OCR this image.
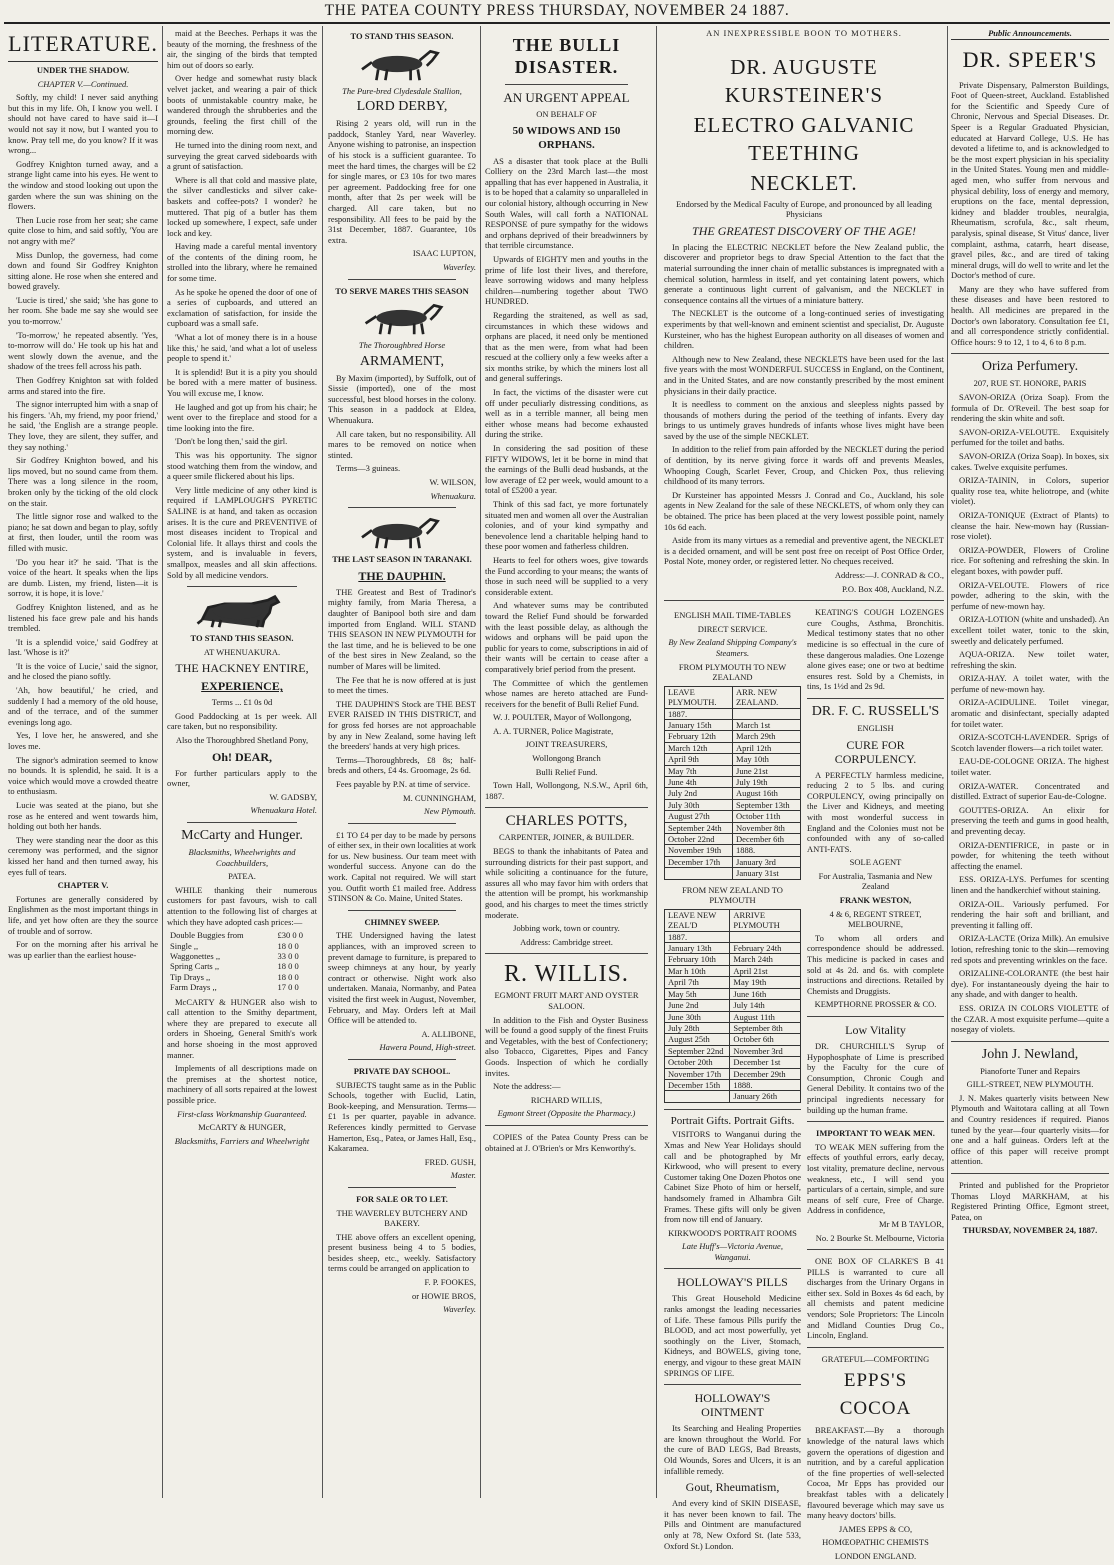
THE PATEA COUNTY PRESS THURSDAY, NOVEMBER 24 1887.
LITERATURE.

UNDER THE SHADOW.

CHAPTER V.—Continued.

Softly, my child! I never said anything but this in my life. Oh, I know you well. I should not have cared to have said it—I would not say it now, but I wanted you to know. Pray tell me, do you know? If it was wrong...

Godfrey Knighton turned away, and a strange light came into his eyes. He went to the window and stood looking out upon the garden where the sun was shining on the flowers.

Then Lucie rose from her seat; she came quite close to him, and said softly, 'You are not angry with me?'

Miss Dunlop, the governess, had come down and found Sir Godfrey Knighton sitting alone. He rose when she entered and bowed gravely.

'Lucie is tired,' she said; 'she has gone to her room. She bade me say she would see you to-morrow.'

'To-morrow,' he repeated absently. 'Yes, to-morrow will do.' He took up his hat and went slowly down the avenue, and the shadow of the trees fell across his path.

Then Godfrey Knighton sat with folded arms and stared into the fire.

The signor interrupted him with a snap of his fingers. 'Ah, my friend, my poor friend,' he said, 'the English are a strange people. They love, they are silent, they suffer, and they say nothing.'

Sir Godfrey Knighton bowed, and his lips moved, but no sound came from them. There was a long silence in the room, broken only by the ticking of the old clock on the stair.

The little signor rose and walked to the piano; he sat down and began to play, softly at first, then louder, until the room was filled with music.

'Do you hear it?' he said. 'That is the voice of the heart. It speaks when the lips are dumb. Listen, my friend, listen—it is sorrow, it is hope, it is love.'

Godfrey Knighton listened, and as he listened his face grew pale and his hands trembled.

'It is a splendid voice,' said Godfrey at last. 'Whose is it?'

'It is the voice of Lucie,' said the signor, and he closed the piano softly.

'Ah, how beautiful,' he cried, and suddenly I had a memory of the old house, and of the terrace, and of the summer evenings long ago.

Yes, I love her, he answered, and she loves me.

The signor's admiration seemed to know no bounds. It is splendid, he said. It is a voice which would move a crowded theatre to enthusiasm.

Lucie was seated at the piano, but she rose as he entered and went towards him, holding out both her hands.

They were standing near the door as this ceremony was performed, and the signor kissed her hand and then turned away, his eyes full of tears.

CHAPTER V.

Fortunes are generally considered by Englishmen as the most important things in life, and yet how often are they the source of trouble and of sorrow.

For on the morning after his arrival he was up earlier than the earliest house-

maid at the Beeches. Perhaps it was the beauty of the morning, the freshness of the air, the singing of the birds that tempted him out of doors so early.

Over hedge and somewhat rusty black velvet jacket, and wearing a pair of thick boots of unmistakable country make, he wandered through the shrubberies and the grounds, feeling the first chill of the morning dew.

He turned into the dining room next, and surveying the great carved sideboards with a grunt of satisfaction.

Where is all that cold and massive plate, the silver candlesticks and silver cake-baskets and coffee-pots? I wonder? he muttered. That pig of a butler has them locked up somewhere, I expect, safe under lock and key.

Having made a careful mental inventory of the contents of the dining room, he strolled into the library, where he remained for some time.

As he spoke he opened the door of one of a series of cupboards, and uttered an exclamation of satisfaction, for inside the cupboard was a small safe.

'What a lot of money there is in a house like this,' he said, 'and what a lot of useless people to spend it.'

It is splendid! But it is a pity you should be bored with a mere matter of business. You will excuse me, I know.

He laughed and got up from his chair; he went over to the fireplace and stood for a time looking into the fire.

'Don't be long then,' said the girl.

This was his opportunity. The signor stood watching them from the window, and a queer smile flickered about his lips.

Very little medicine of any other kind is required if LAMPLOUGH'S PYRETIC SALINE is at hand, and taken as occasion arises. It is the cure and PREVENTIVE of most diseases incident to Tropical and Colonial life. It allays thirst and cools the system, and is invaluable in fevers, smallpox, measles and all skin affections. Sold by all medicine vendors.

TO STAND THIS SEASON.

AT WHENUAKURA.

THE HACKNEY ENTIRE,

EXPERIENCE,

Terms ... £1 0s 0d

Good Paddocking at 1s per week. All care taken, but no responsibility.

Also the Thoroughbred Shetland Pony,

Oh! DEAR,

For further particulars apply to the owner,

W. GADSBY,

Whenuakura Hotel.

McCarty and Hunger.

Blacksmiths, Wheelwrights and Coachbuilders,

PATEA.

WHILE thanking their numerous customers for past favours, wish to call attention to the following list of charges at which they have adopted cash prices:—

Double Buggies from	£30 0 0
Single ,,	18 0 0
Waggonettes ,,	33 0 0
Spring Carts ,,	18 0 0
Tip Drays ,,	18 0 0
Farm Drays ,,	17 0 0

McCARTY & HUNGER also wish to call attention to the Smithy department, where they are prepared to execute all orders in Shoeing, General Smith's work and horse shoeing in the most approved manner.

Implements of all descriptions made on the premises at the shortest notice, machinery of all sorts repaired at the lowest possible price.

First-class Workmanship Guaranteed.

McCARTY & HUNGER,

Blacksmiths, Farriers and Wheelwright

TO STAND THIS SEASON.

The Pure-bred Clydesdale Stallion,

LORD DERBY,

Rising 2 years old, will run in the paddock, Stanley Yard, near Waverley. Anyone wishing to patronise, an inspection of his stock is a sufficient guarantee. To meet the hard times, the charges will be £2 for single mares, or £3 10s for two mares per agreement. Paddocking free for one month, after that 2s per week will be charged. All care taken, but no responsibility. All fees to be paid by the 31st December, 1887. Guarantee, 10s extra.

ISAAC LUPTON,

Waverley.

TO SERVE MARES THIS SEASON

The Thoroughbred Horse

ARMAMENT,

By Maxim (imported), by Suffolk, out of Sissie (imported), one of the most successful, best blood horses in the colony. This season in a paddock at Eldea, Whenuakura.

All care taken, but no responsibility. All mares to be removed on notice when stinted.

Terms—3 guineas.

W. WILSON,

Whenuakura.

THE LAST SEASON IN TARANAKI.

THE DAUPHIN.

THE Greatest and Best of Tradinor's mighty family, from Maria Theresa, a daughter of Banipool both sire and dam imported from England. WILL STAND THIS SEASON IN NEW PLYMOUTH for the last time, and he is believed to be one of the best sires in New Zealand, so the number of Mares will be limited.

The Fee that he is now offered at is just to meet the times.

THE DAUPHIN'S Stock are THE BEST EVER RAISED IN THIS DISTRICT, and for gross fed horses are not approachable by any in New Zealand, some having left the breeders' hands at very high prices.

Terms—Thoroughbreds, £8 8s; half-breds and others, £4 4s. Groomage, 2s 6d.

Fees payable by P.N. at time of service.

M. CUNNINGHAM,

New Plymouth.

£1 TO £4 per day to be made by persons of either sex, in their own localities at work for us. New business. Our team meet with wonderful success. Anyone can do the work. Capital not required. We will start you. Outfit worth £1 mailed free. Address STINSON & Co. Maine, United States.

CHIMNEY SWEEP.

THE Undersigned having the latest appliances, with an improved screen to prevent damage to furniture, is prepared to sweep chimneys at any hour, by yearly contract or otherwise. Night work also undertaken. Manaia, Normanby, and Patea visited the first week in August, November, February, and May. Orders left at Mail Office will be attended to.

A. ALLIBONE,

Hawera Pound, High-street.

PRIVATE DAY SCHOOL.

SUBJECTS taught same as in the Public Schools, together with Euclid, Latin, Book-keeping, and Mensuration. Terms—£1 1s per quarter, payable in advance. References kindly permitted to Gervase Hamerton, Esq., Patea, or James Hall, Esq., Kakaramea.

FRED. GUSH,

Master.

FOR SALE OR TO LET.

THE WAVERLEY BUTCHERY AND BAKERY.

THE above offers an excellent opening, present business being 4 to 5 bodies, besides sheep, etc., weekly. Satisfactory terms could be arranged on application to

F. P. FOOKES,

or HOWIE BROS,

Waverley.

THE BULLI DISASTER.

AN URGENT APPEAL

ON BEHALF OF

50 WIDOWS AND 150 ORPHANS.

AS a disaster that took place at the Bulli Colliery on the 23rd March last—the most appalling that has ever happened in Australia, it is to be hoped that a calamity so unparalleled in our colonial history, although occurring in New South Wales, will call forth a NATIONAL RESPONSE of pure sympathy for the widows and orphans deprived of their breadwinners by that terrible circumstance.

Upwards of EIGHTY men and youths in the prime of life lost their lives, and therefore, leave sorrowing widows and many helpless children—numbering together about TWO HUNDRED.

Regarding the straitened, as well as sad, circumstances in which these widows and orphans are placed, it need only be mentioned that as the men were, from what had been rescued at the colliery only a few weeks after a six months strike, by which the miners lost all and general sufferings.

In fact, the victims of the disaster were cut off under peculiarly distressing conditions, as well as in a terrible manner, all being men either whose means had become exhausted during the strike.

In considering the sad position of these FIFTY WIDOWS, let it be borne in mind that the earnings of the Bulli dead husbands, at the low average of £2 per week, would amount to a total of £5200 a year.

Think of this sad fact, ye more fortunately situated men and women all over the Australian colonies, and of your kind sympathy and benevolence lend a charitable helping hand to these poor women and fatherless children.

Hearts to feel for others woes, give towards the Fund according to your means; the wants of those in such need will be supplied to a very considerable extent.

And whatever sums may be contributed toward the Relief Fund should be forwarded with the least possible delay, as although the widows and orphans will be paid upon the public for years to come, subscriptions in aid of their wants will be certain to cease after a comparatively brief period from the present.

The Committee of which the gentlemen whose names are hereto attached are Fund-receivers for the benefit of Bulli Relief Fund.

W. J. POULTER, Mayor of Wollongong,

A. A. TURNER, Police Magistrate,

JOINT TREASURERS,

Wollongong Branch

Bulli Relief Fund.

Town Hall, Wollongong, N.S.W., April 6th, 1887.

CHARLES POTTS,

CARPENTER, JOINER, & BUILDER.

BEGS to thank the inhabitants of Patea and surrounding districts for their past support, and while soliciting a continuance for the future, assures all who may favor him with orders that the attention will be prompt, his workmanship good, and his charges to meet the times strictly moderate.

Jobbing work, town or country.

Address: Cambridge street.

R. WILLIS.

EGMONT FRUIT MART AND OYSTER SALOON.

In addition to the Fish and Oyster Business will be found a good supply of the finest Fruits and Vegetables, with the best of Confectionery; also Tobacco, Cigarettes, Pipes and Fancy Goods. Inspection of which he cordially invites.

Note the address:—

RICHARD WILLIS,

Egmont Street (Opposite the Pharmacy.)

COPIES of the Patea County Press can be obtained at J. O'Brien's or Mrs Kenworthy's.

AN INEXPRESSIBLE BOON TO MOTHERS.

DR. AUGUSTE KURSTEINER'S
ELECTRO GALVANIC TEETHING
NECKLET.

Endorsed by the Medical Faculty of Europe, and pronounced by all leading Physicians

THE GREATEST DISCOVERY OF THE AGE!

In placing the ELECTRIC NECKLET before the New Zealand public, the discoverer and proprietor begs to draw Special Attention to the fact that the material surrounding the inner chain of metallic substances is impregnated with a chemical solution, harmless in itself, and yet containing latent powers, which generate a continuous light current of galvanism, and the NECKLET in consequence contains all the virtues of a miniature battery.

The NECKLET is the outcome of a long-continued series of investigating experiments by that well-known and eminent scientist and specialist, Dr. Auguste Kursteiner, who has the highest European authority on all diseases of women and children.

Although new to New Zealand, these NECKLETS have been used for the last five years with the most WONDERFUL SUCCESS in England, on the Continent, and in the United States, and are now constantly prescribed by the most eminent physicians in their daily practice.

It is needless to comment on the anxious and sleepless nights passed by thousands of mothers during the period of the teething of infants. Every day brings to us untimely graves hundreds of infants whose lives might have been saved by the use of the simple NECKLET.

In addition to the relief from pain afforded by the NECKLET during the period of dentition, by its nerve giving force it wards off and prevents Measles, Whooping Cough, Scarlet Fever, Croup, and Chicken Pox, thus relieving childhood of its many terrors.

Dr Kursteiner has appointed Messrs J. Conrad and Co., Auckland, his sole agents in New Zealand for the sale of these NECKLETS, of whom only they can be obtained. The price has been placed at the very lowest possible point, namely 10s 6d each.

Aside from its many virtues as a remedial and preventive agent, the NECKLET is a decided ornament, and will be sent post free on receipt of Post Office Order, Postal Note, money order, or registered letter. No cheques received.

Address:—J. CONRAD & CO.,

P.O. Box 408, Auckland, N.Z.

ENGLISH MAIL TIME-TABLES

DIRECT SERVICE.

By New Zealand Shipping Company's Steamers.

FROM PLYMOUTH TO NEW ZEALAND

LEAVE PLYMOUTH.	ARR. NEW ZEALAND.
1887.	
January 15th	March 1st
February 12th	March 29th
March 12th	April 12th
April 9th	May 10th
May 7th	June 21st
June 4th	July 19th
July 2nd	August 16th
July 30th	September 13th
August 27th	October 11th
September 24th	November 8th
October 22nd	December 6th
November 19th	1888.
December 17th	January 3rd
	January 31st

FROM NEW ZEALAND TO PLYMOUTH

LEAVE NEW ZEAL'D	ARRIVE PLYMOUTH
1887.	
January 13th	February 24th
February 10th	March 24th
Mar h 10th	April 21st
April 7th	May 19th
May 5th	June 16th
June 2nd	July 14th
June 30th	August 11th
July 28th	September 8th
August 25th	October 6th
September 22nd	November 3rd
October 20th	December 1st
November 17th	December 29th
December 15th	1888.
	January 26th

Portrait Gifts. Portrait Gifts.

VISITORS to Wanganui during the Xmas and New Year Holidays should call and be photographed by Mr Kirkwood, who will present to every Customer taking One Dozen Photos one Cabinet Size Photo of him or herself, handsomely framed in Alhambra Gilt Frames. These gifts will only be given from now till end of January.

KIRKWOOD'S PORTRAIT ROOMS

Late Huff's—Victoria Avenue, Wanganui.

HOLLOWAY'S PILLS

This Great Household Medicine ranks amongst the leading necessaries of Life. These famous Pills purify the BLOOD, and act most powerfully, yet soothingly on the Liver, Stomach, Kidneys, and BOWELS, giving tone, energy, and vigour to these great MAIN SPRINGS OF LIFE.

HOLLOWAY'S OINTMENT

Its Searching and Healing Properties are known throughout the World. For the cure of BAD LEGS, Bad Breasts, Old Wounds, Sores and Ulcers, it is an infallible remedy.

Gout, Rheumatism,

And every kind of SKIN DISEASE, it has never been known to fail. The Pills and Ointment are manufactured only at 78, New Oxford St. (late 533, Oxford St.) London.

KEATING'S COUGH LOZENGES cure Coughs, Asthma, Bronchitis. Medical testimony states that no other medicine is so effectual in the cure of these dangerous maladies. One Lozenge alone gives ease; one or two at bedtime ensures rest. Sold by a Chemists, in tins, 1s 1½d and 2s 9d.

DR. F. C. RUSSELL'S

ENGLISH

CURE FOR CORPULENCY.

A PERFECTLY harmless medicine, reducing 2 to 5 lbs. and curing CORPULENCY, owing principally on the Liver and Kidneys, and meeting with most wonderful success in England and the Colonies must not be confounded with any of so-called ANTI-FATS.

SOLE AGENT

For Australia, Tasmania and New Zealand

FRANK WESTON,

4 & 6, REGENT STREET, MELBOURNE,

To whom all orders and correspondence should be addressed. This medicine is packed in cases and sold at 4s 2d. and 6s. with complete instructions and directions. Retailed by Chemists and Druggists.

KEMPTHORNE PROSSER & CO.

Low Vitality

DR. CHURCHILL'S Syrup of Hypophosphate of Lime is prescribed by the Faculty for the cure of Consumption, Chronic Cough and General Debility. It contains two of the principal ingredients necessary for building up the human frame.

IMPORTANT TO WEAK MEN.

TO WEAK MEN suffering from the effects of youthful errors, early decay, lost vitality, premature decline, nervous weakness, etc., I will send you particulars of a certain, simple, and sure means of self cure, Free of Charge. Address in confidence,

Mr M B TAYLOR,

No. 2 Bourke St. Melbourne, Victoria

ONE BOX OF CLARKE'S B 41 PILLS is warranted to cure all discharges from the Urinary Organs in either sex. Sold in Boxes 4s 6d each, by all chemists and patent medicine vendors; Sole Proprietors: The Lincoln and Midland Counties Drug Co., Lincoln, England.

GRATEFUL—COMFORTING

EPPS'S COCOA

BREAKFAST.—By a thorough knowledge of the natural laws which govern the operations of digestion and nutrition, and by a careful application of the fine properties of well-selected Cocoa, Mr Epps has provided our breakfast tables with a delicately flavoured beverage which may save us many heavy doctors' bills.

JAMES EPPS & CO,

HOMŒOPATHIC CHEMISTS

LONDON ENGLAND.

Public Announcements.

DR. SPEER'S

Private Dispensary, Palmerston Buildings, Foot of Queen-street, Auckland. Established for the Scientific and Speedy Cure of Chronic, Nervous and Special Diseases. Dr. Speer is a Regular Graduated Physician, educated at Harvard College, U.S. He has devoted a lifetime to, and is acknowledged to be the most expert physician in his speciality in the United States. Young men and middle-aged men, who suffer from nervous and physical debility, loss of energy and memory, eruptions on the face, mental depression, kidney and bladder troubles, neuralgia, Rheumatism, scrofula, &c., salt rheum, paralysis, spinal disease, St Vitus' dance, liver complaint, asthma, catarrh, heart disease, gravel piles, &c., and are tired of taking mineral drugs, will do well to write and let the Doctor's method of cure.

Many are they who have suffered from these diseases and have been restored to health. All medicines are prepared in the Doctor's own laboratory. Consultation fee £1, and all correspondence strictly confidential. Office hours: 9 to 12, 1 to 4, 6 to 8 p.m.

Oriza Perfumery.

207, RUE ST. HONORE, PARIS

SAVON-ORIZA (Oriza Soap). From the formula of Dr. O'Reveil. The best soap for rendering the skin white and soft.

SAVON-ORIZA-VELOUTE. Exquisitely perfumed for the toilet and baths.

SAVON-ORIZA (Oriza Soap). In boxes, six cakes. Twelve exquisite perfumes.

ORIZA-TAININ, in Colors, superior quality rose tea, white heliotrope, and (white violet).

ORIZA-TONIQUE (Extract of Plants) to cleanse the hair. New-mown hay (Russian-rose violet).

ORIZA-POWDER, Flowers of Croline rice. For softening and refreshing the skin. In elegant boxes, with powder puff.

ORIZA-VELOUTE. Flowers of rice powder, adhering to the skin, with the perfume of new-mown hay.

ORIZA-LOTION (white and unshaded). An excellent toilet water, tonic to the skin, sweetly and delicately perfumed.

AQUA-ORIZA. New toilet water, refreshing the skin.

ORIZA-HAY. A toilet water, with the perfume of new-mown hay.

ORIZA-ACIDULINE. Toilet vinegar, aromatic and disinfectant, specially adapted for toilet water.

ORIZA-SCOTCH-LAVENDER. Sprigs of Scotch lavender flowers—a rich toilet water.

EAU-DE-COLOGNE ORIZA. The highest toilet water.

ORIZA-WATER. Concentrated and distilled. Extract of superior Eau-de-Cologne.

GOUTTES-ORIZA. An elixir for preserving the teeth and gums in good health, and preventing decay.

ORIZA-DENTIFRICE, in paste or in powder, for whitening the teeth without affecting the enamel.

ESS. ORIZA-LYS. Perfumes for scenting linen and the handkerchief without staining.

ORIZA-OIL. Variously perfumed. For rendering the hair soft and brilliant, and preventing it falling off.

ORIZA-LACTE (Oriza Milk). An emulsive lotion, refreshing tonic to the skin—removing red spots and preventing wrinkles on the face.

ORIZALINE-COLORANTE (the best hair dye). For instantaneously dyeing the hair to any shade, and with danger to health.

ESS. ORIZA IN COLORS VIOLETTE of the CZAR. A most exquisite perfume—quite a nosegay of violets.

John J. Newland,

Pianoforte Tuner and Repairs

GILL-STREET, NEW PLYMOUTH.

J. N. Makes quarterly visits between New Plymouth and Waitotara calling at all Town and Country residences if required. Pianos tuned by the year—four quarterly visits—for one and a half guineas. Orders left at the office of this paper will receive prompt attention.

Printed and published for the Proprietor Thomas Lloyd MARKHAM, at his Registered Printing Office, Egmont street, Patea, on

THURSDAY, NOVEMBER 24, 1887.
